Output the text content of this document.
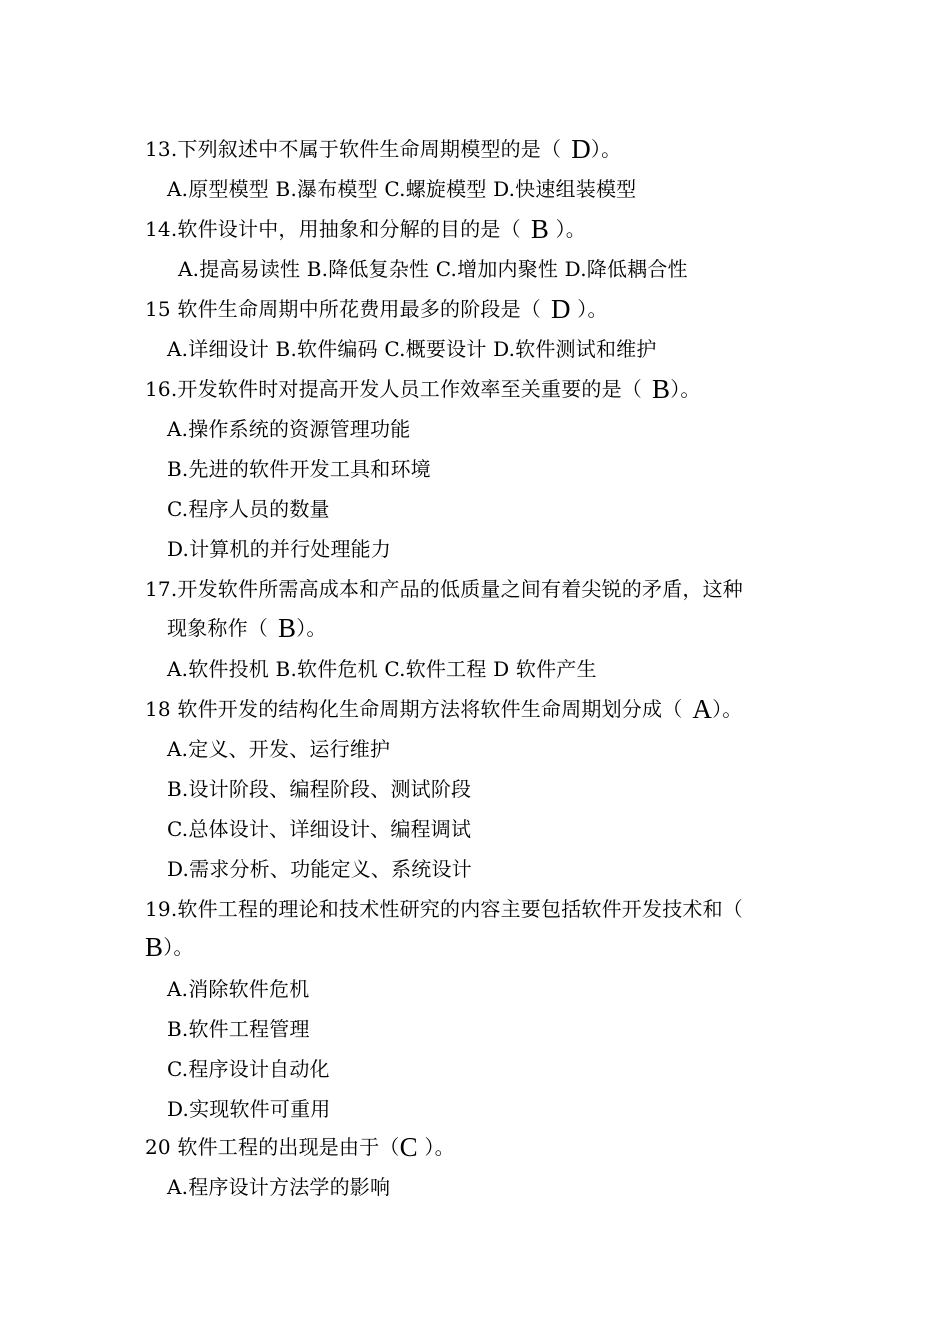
13.下列叙述中不属于软件生命周期模型的是（ D）。
A.原型模型 B.瀑布模型 C.螺旋模型 D.快速组装模型
14.软件设计中，用抽象和分解的目的是（ B ）。
A.提高易读性 B.降低复杂性 C.增加内聚性 D.降低耦合性
15 软件生命周期中所花费用最多的阶段是（ D ）。
A.详细设计 B.软件编码 C.概要设计 D.软件测试和维护
16.开发软件时对提高开发人员工作效率至关重要的是（ B）。
A.操作系统的资源管理功能
B.先进的软件开发工具和环境
C.程序人员的数量
D.计算机的并行处理能力
17.开发软件所需高成本和产品的低质量之间有着尖锐的矛盾，这种
现象称作（ B）。
A.软件投机 B.软件危机 C.软件工程 D 软件产生
18 软件开发的结构化生命周期方法将软件生命周期划分成（ A）。
A.定义、开发、运行维护
B.设计阶段、编程阶段、测试阶段
C.总体设计、详细设计、编程调试
D.需求分析、功能定义、系统设计
19.软件工程的理论和技术性研究的内容主要包括软件开发技术和（
B）。
A.消除软件危机
B.软件工程管理
C.程序设计自动化
D.实现软件可重用
20 软件工程的出现是由于（C ）。
A.程序设计方法学的影响
